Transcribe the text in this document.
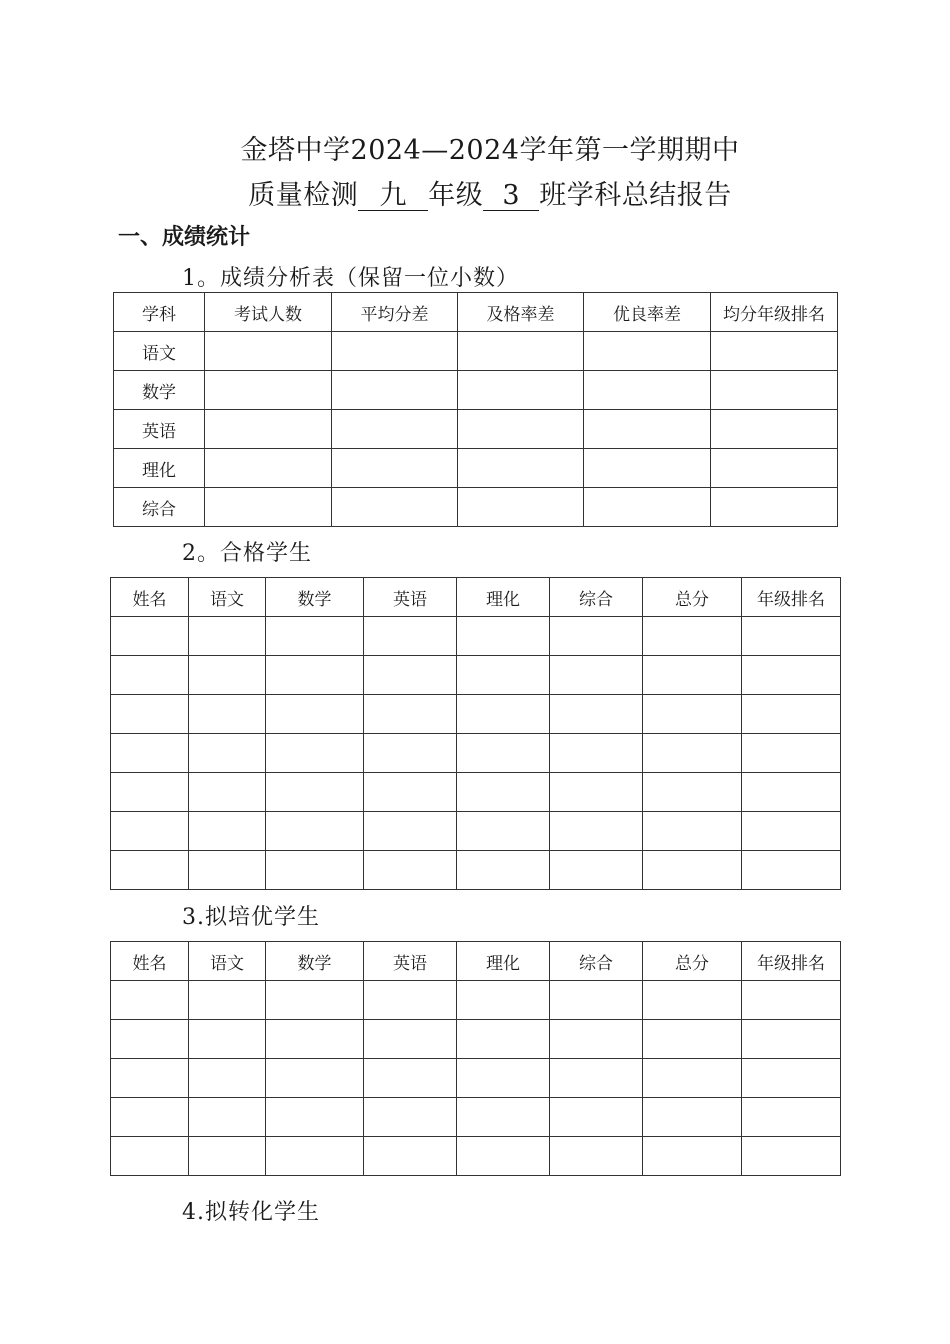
金塔中学2024—2024学年第一学期期中
质量检测 九 年级 3 班学科总结报告
一、成绩统计
1。成绩分析表（保留一位小数）
学科	考试人数	平均分差	及格率差	优良率差	均分年级排名
语文					
数学					
英语					
理化					
综合					
2。合格学生
姓名	语文	数学	英语	理化	综合	总分	年级排名

3.拟培优学生
姓名	语文	数学	英语	理化	综合	总分	年级排名

4.拟转化学生
